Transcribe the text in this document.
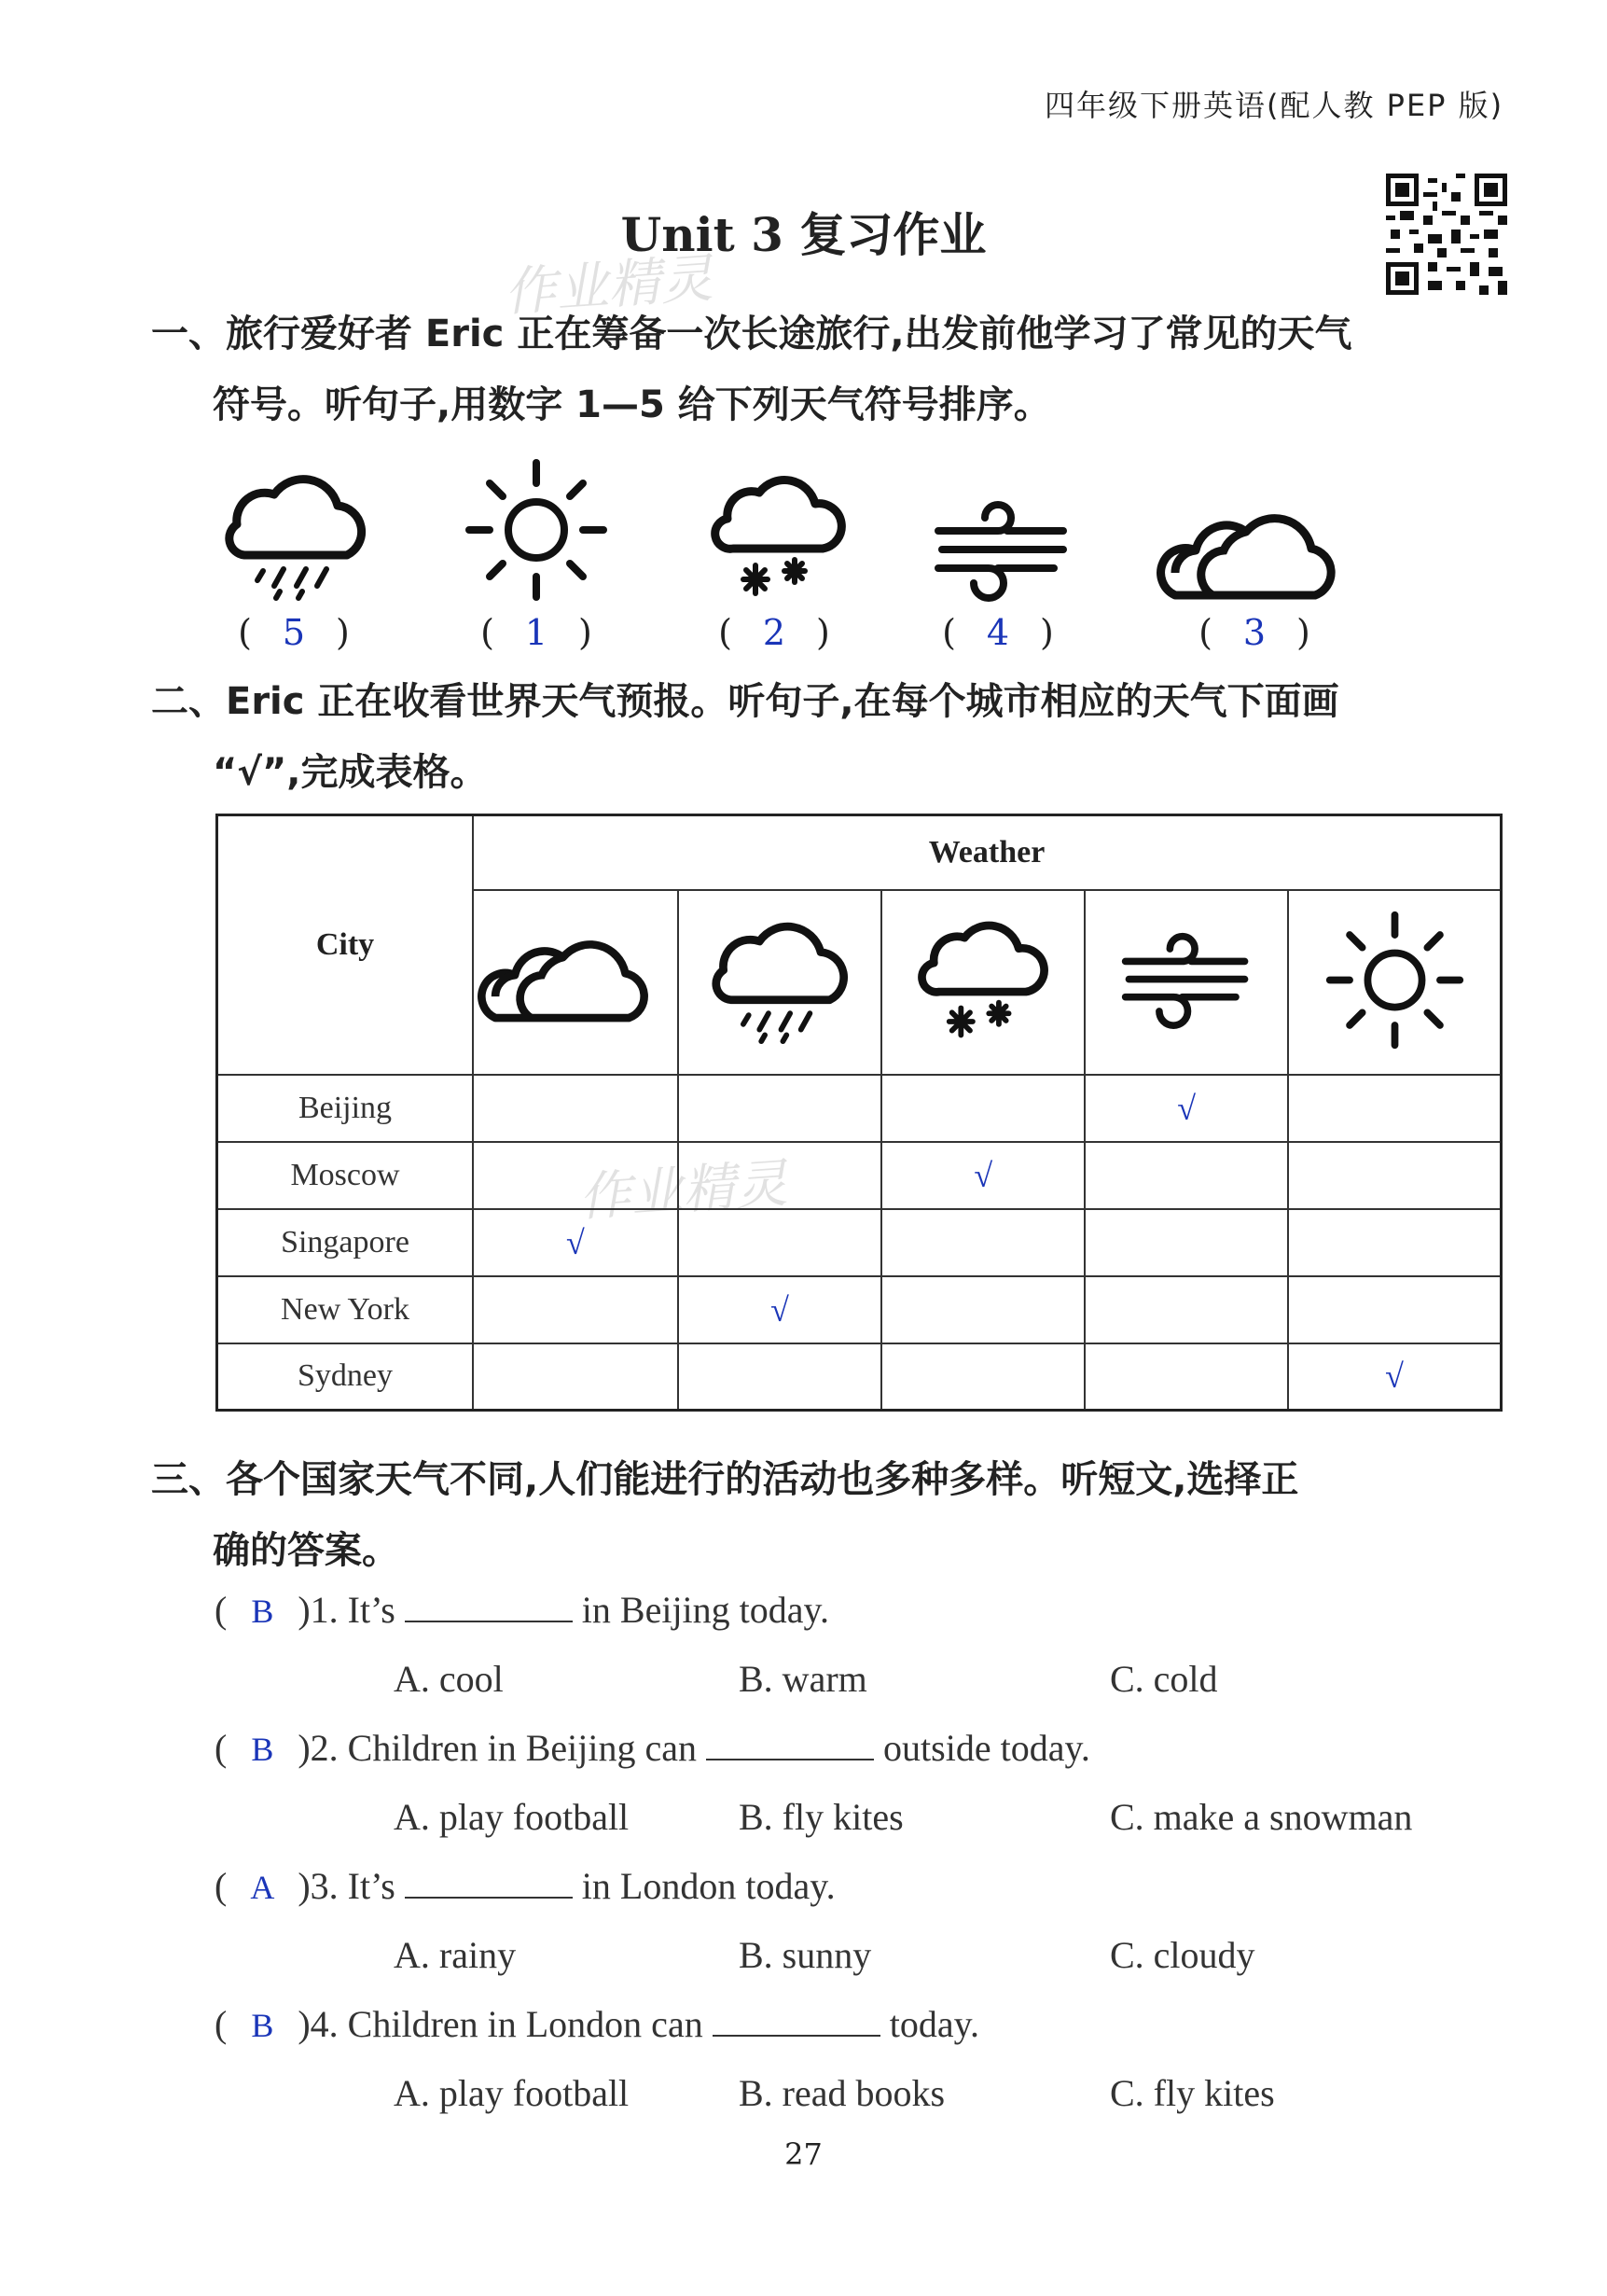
四年级下册英语(配人教 PEP 版)
Unit 3 复习作业
作业精灵
作业精灵
一、旅行爱好者 Eric 正在筹备一次长途旅行,出发前他学习了常见的天气
符号。听句子,用数字 1—5 给下列天气符号排序。
( 5 )	( 1 )	( 2 )	( 4 )	( 3 )
二、Eric 正在收看世界天气预报。听句子,在每个城市相应的天气下面画
“√”,完成表格。
City	Weather				

Beijing				√	
Moscow			√		
Singapore	√				
New York		√			
Sydney					√
三、各个国家天气不同,人们能进行的活动也多种多样。听短文,选择正
确的答案。
( B )1. It’s	in Beijing today.
A. cool	B. warm	C. cold
( B )2. Children in Beijing can	outside today.
A. play football	B. fly kites	C. make a snowman
( A )3. It’s	in London today.
A. rainy	B. sunny	C. cloudy
( B )4. Children in London can	today.
A. play football	B. read books	C. fly kites
27
